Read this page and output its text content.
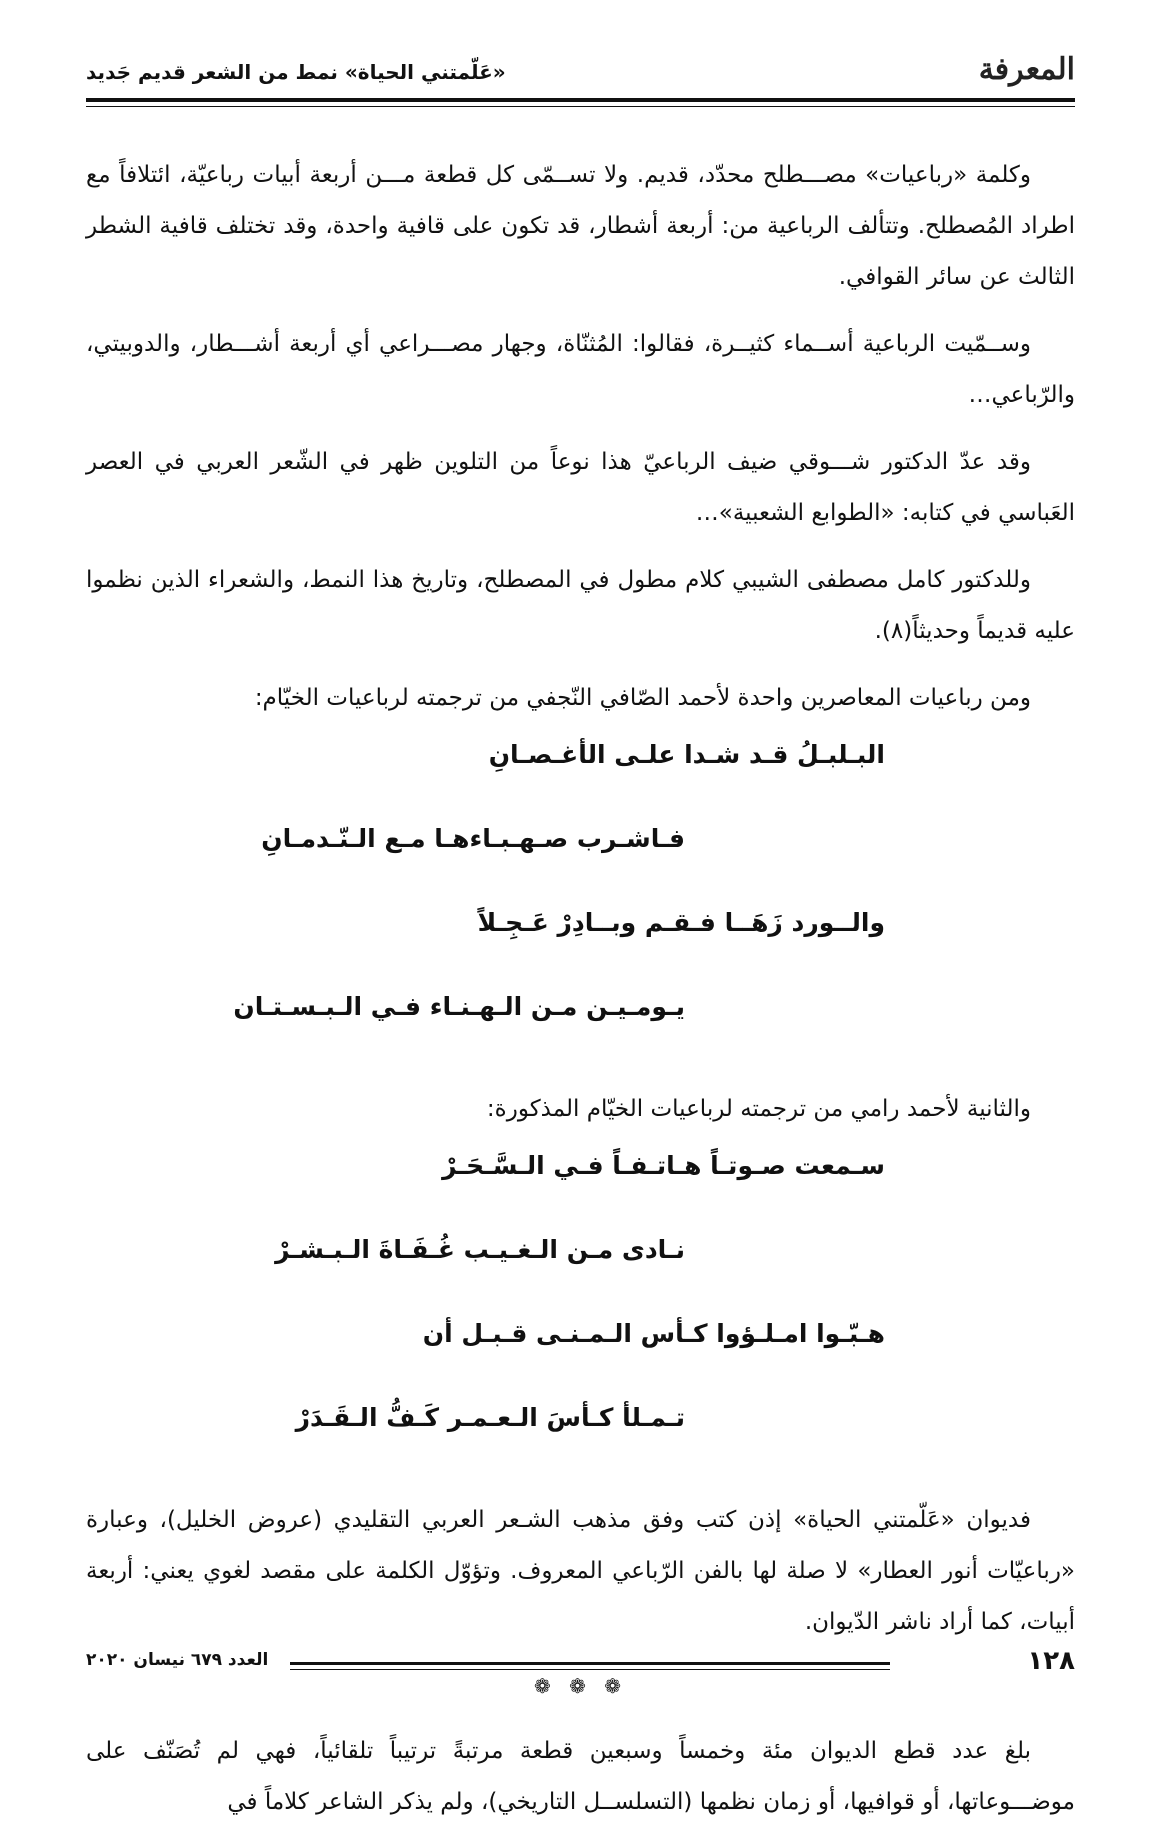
المعرفة
«عَلّمتني الحياة» نمط من الشعر قديم جَديد

وكلمة «رباعيات» مصـــطلح محدّد، قديم. ولا تســمّى كل قطعة مـــن أربعة أبيات رباعيّة، ائتلافاً مع اطراد المُصطلح. وتتألف الرباعية من: أربعة أشطار، قد تكون على قافية واحدة، وقد تختلف قافية الشطر الثالث عن سائر القوافي.

وســمّيت الرباعية أســماء كثيــرة، فقالوا: المُثنّاة، وجهار مصـــراعي أي أربعة أشـــطار، والدوبيتي، والرّباعي…

وقد عدّ الدكتور شـــوقي ضيف الرباعيّ هذا نوعاً من التلوين ظهر في الشّعر العربي في العصر العَباسي في كتابه: «الطوابع الشعبية»…

وللدكتور كامل مصطفى الشيبي كلام مطول في المصطلح، وتاريخ هذا النمط، والشعراء الذين نظموا عليه قديماً وحديثاً(٨).

ومن رباعيات المعاصرين واحدة لأحمد الصّافي النّجفي من ترجمته لرباعيات الخيّام:

البـلبـلُ قـد شـدا علـى الأغـصـانِ
فـاشـرب صـهـبـاءهـا مـع الـنّـدمـانِ
والــورد زَهَــا فـقـم وبــادِرْ عَـجِـلاً
يـومـيـن مـن الـهـنـاء فـي الـبـسـتـان

والثانية لأحمد رامي من ترجمته لرباعيات الخيّام المذكورة:

سـمعت صـوتـاً هـاتـفـاً فـي الـسَّـحَـرْ
نـادى مـن الـغـيـب غُـفَـاةَ الـبـشـرْ
هـبّـوا امـلـؤوا كـأس الـمـنـى قـبـل أن
تـمـلأ كـأسَ الـعـمـر كَـفُّ الـقَـدَرْ

فديوان «عَلّمتني الحياة» إذن كتب وفق مذهب الشـعر العربي التقليدي (عروض الخليل)، وعبارة «رباعيّات أنور العطار» لا صلة لها بالفن الرّباعي المعروف. وتؤوّل الكلمة على مقصد لغوي يعني: أربعة أبيات، كما أراد ناشر الدّيوان.

❁ ❁ ❁

بلغ عدد قطع الديوان مئة وخمساً وسبعين قطعة مرتبةً ترتيباً تلقائياً، فهي لم تُصَنّف على موضـــوعاتها، أو قوافيها، أو زمان نظمها (التسلســل التاريخي)، ولم يذكر الشاعر كلاماً في

١٢٨
العدد ٦٧٩ نيسان ٢٠٢٠
